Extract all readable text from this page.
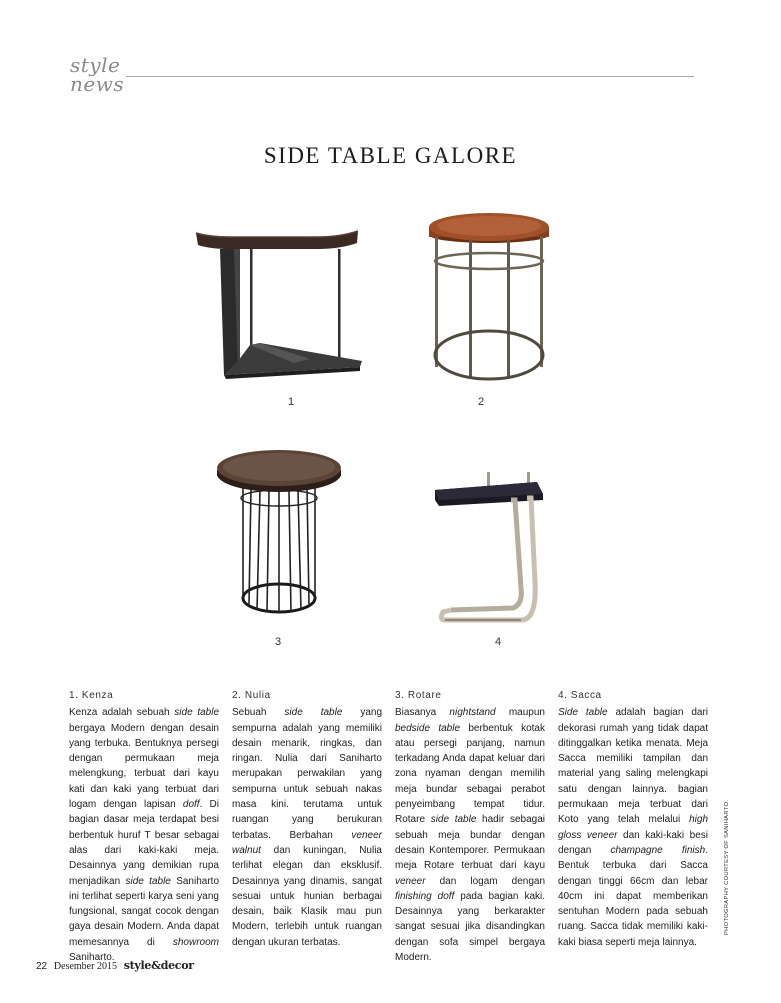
style
news
SIDE TABLE GALORE
1	2
3	4
1. Kenza

Kenza adalah sebuah side table bergaya Modern dengan desain yang terbuka. Bentuknya persegi dengan permukaan meja melengkung, terbuat dari kayu kati dan kaki yang terbuat dari logam dengan lapisan doff. Di bagian dasar meja terdapat besi berbentuk huruf T besar sebagai alas dari kaki-kaki meja. Desainnya yang demikian rupa menjadikan side table Saniharto ini terlihat seperti karya seni yang fungsional, sangat cocok dengan gaya desain Modern. Anda dapat memesannya di showroom Saniharto.

2. Nulia

Sebuah side table yang sempurna adalah yang memiliki desain menarik, ringkas, dan ringan. Nulia dari Saniharto merupakan perwakilan yang sempurna untuk sebuah nakas masa kini. terutama untuk ruangan yang berukuran terbatas. Berbahan veneer walnut dan kuningan, Nulia terlihat elegan dan eksklusif. Desainnya yang dinamis, sangat sesuai untuk hunian berbagai desain, baik Klasik mau pun Modern, terlebih untuk ruangan dengan ukuran terbatas.

3. Rotare

Biasanya nightstand maupun bedside table berbentuk kotak atau persegi panjang, namun terkadang Anda dapat keluar dari zona nyaman dengan memilih meja bundar sebagai perabot penyeimbang tempat tidur. Rotare side table hadir sebagai sebuah meja bundar dengan desain Kontemporer. Permukaan meja Rotare terbuat dari kayu veneer dan logam dengan finishing doff pada bagian kaki. Desainnya yang berkarakter sangat sesuai jika disandingkan dengan sofa simpel bergaya Modern.

4. Sacca

Side table adalah bagian dari dekorasi rumah yang tidak dapat ditinggalkan ketika menata. Meja Sacca memiliki tampilan dan material yang saling melengkapi satu dengan lainnya. bagian permukaan meja terbuat dari Koto yang telah melalui high gloss veneer dan kaki-kaki besi dengan champagne finish. Bentuk terbuka dari Sacca dengan tinggi 66cm dan lebar 40cm ini dapat memberikan sentuhan Modern pada sebuah ruang. Sacca tidak memiliki kaki-kaki biasa seperti meja lainnya.

PHOTOGRAPHY COURTESY OF SANIHARTO.
22 Desember 2015 style&decor
